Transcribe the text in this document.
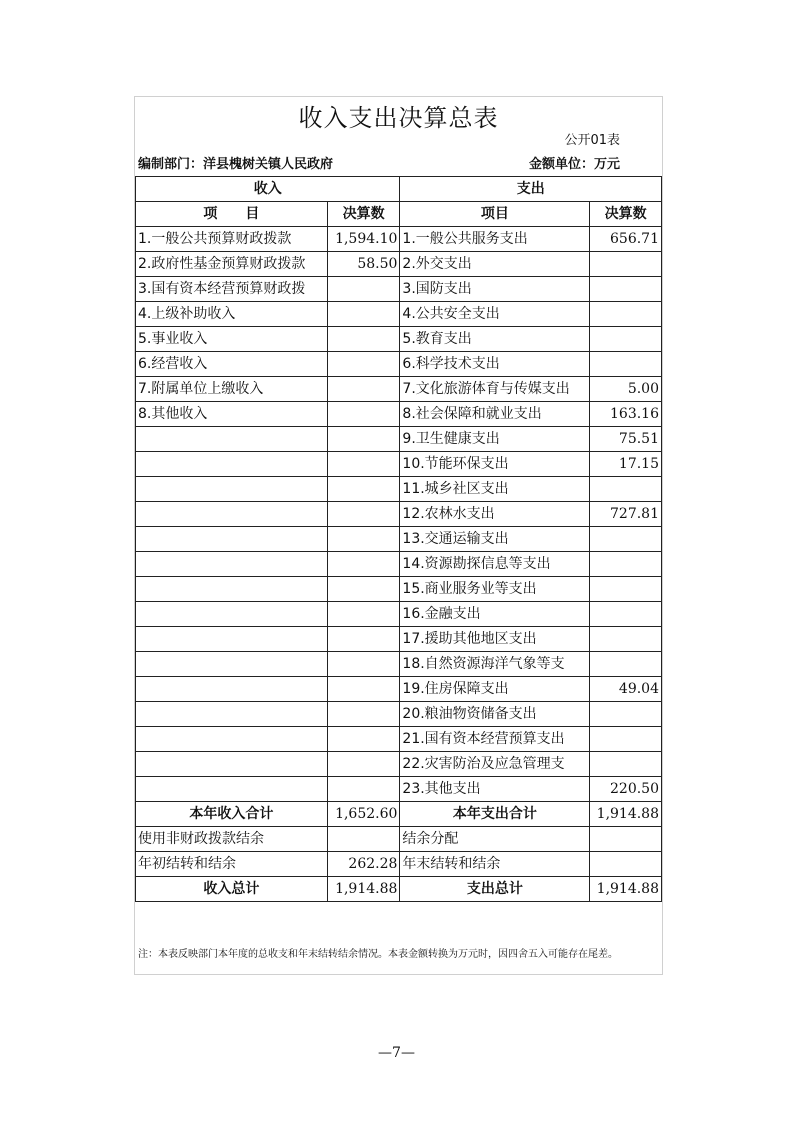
收入支出决算总表
公开01表
编制部门：洋县槐树关镇人民政府	金额单位：万元
收入		支出	
项　　目	决算数	项目	决算数
1.一般公共预算财政拨款	1,594.10	1.一般公共服务支出	656.71
2.政府性基金预算财政拨款	58.50	2.外交支出	
3.国有资本经营预算财政拨		3.国防支出	
4.上级补助收入		4.公共安全支出	
5.事业收入		5.教育支出	
6.经营收入		6.科学技术支出	
7.附属单位上缴收入		7.文化旅游体育与传媒支出	5.00
8.其他收入		8.社会保障和就业支出	163.16
		9.卫生健康支出	75.51
		10.节能环保支出	17.15
		11.城乡社区支出	
		12.农林水支出	727.81
		13.交通运输支出	
		14.资源勘探信息等支出	
		15.商业服务业等支出	
		16.金融支出	
		17.援助其他地区支出	
		18.自然资源海洋气象等支	
		19.住房保障支出	49.04
		20.粮油物资储备支出	
		21.国有资本经营预算支出	
		22.灾害防治及应急管理支	
		23.其他支出	220.50
本年收入合计	1,652.60	本年支出合计	1,914.88
使用非财政拨款结余		结余分配	
年初结转和结余	262.28	年末结转和结余	
收入总计	1,914.88	支出总计	1,914.88
注：本表反映部门本年度的总收支和年末结转结余情况。本表金额转换为万元时，因四舍五入可能存在尾差。
—7—
